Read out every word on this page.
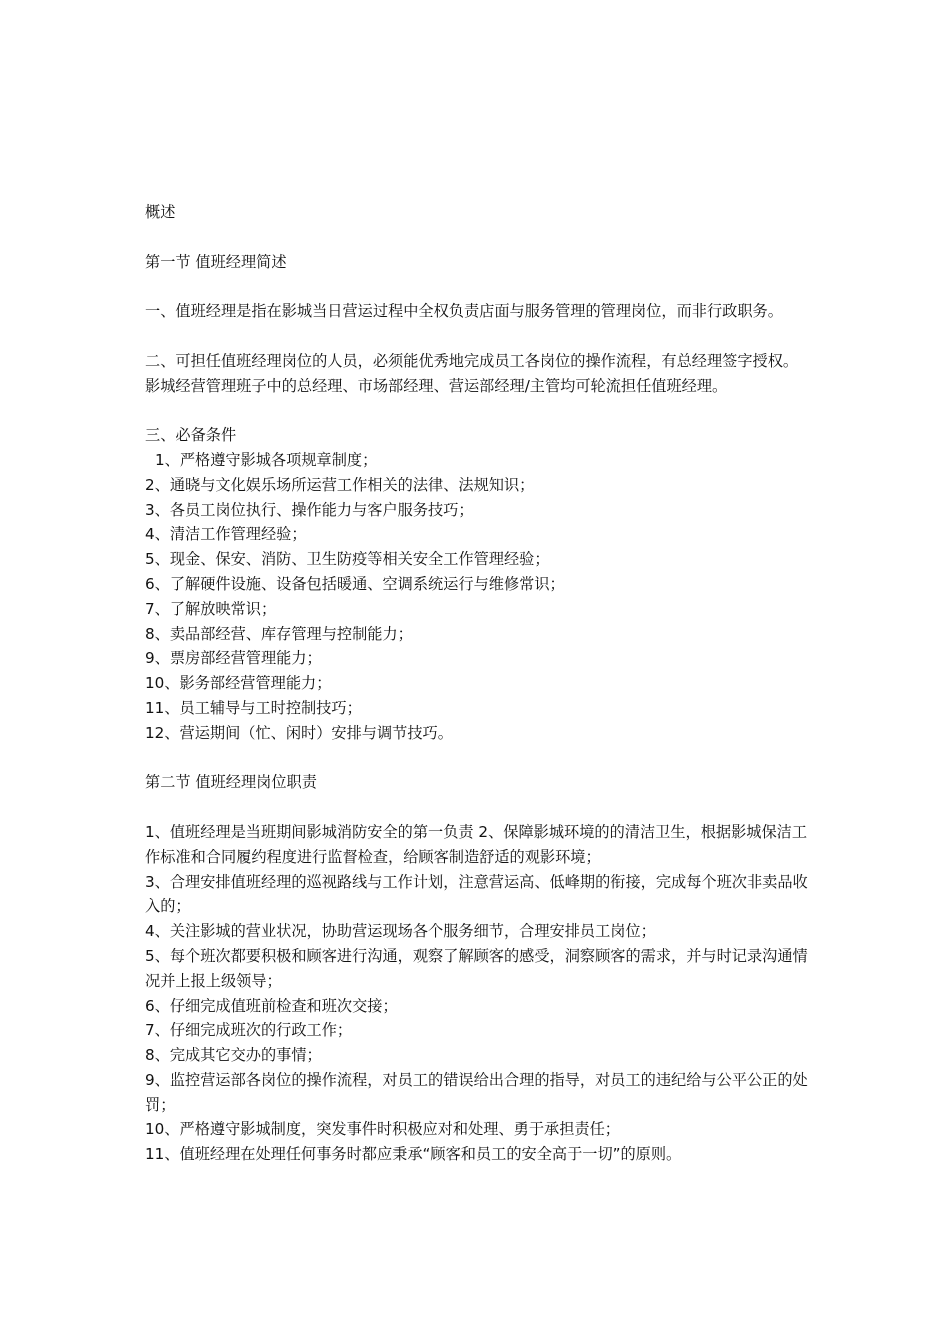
概述

第一节 值班经理简述

一、值班经理是指在影城当日营运过程中全权负责店面与服务管理的管理岗位，而非行政职务。

二、可担任值班经理岗位的人员，必须能优秀地完成员工各岗位的操作流程，有总经理签字授权。影城经营管理班子中的总经理、市场部经理、营运部经理/主管均可轮流担任值班经理。

三、必备条件

1、严格遵守影城各项规章制度；

2、通晓与文化娱乐场所运营工作相关的法律、法规知识；

3、各员工岗位执行、操作能力与客户服务技巧；

4、清洁工作管理经验；

5、现金、保安、消防、卫生防疫等相关安全工作管理经验；

6、了解硬件设施、设备包括暖通、空调系统运行与维修常识；

7、了解放映常识；

8、卖品部经营、库存管理与控制能力；

9、票房部经营管理能力；

10、影务部经营管理能力；

11、员工辅导与工时控制技巧；

12、营运期间（忙、闲时）安排与调节技巧。

第二节 值班经理岗位职责

1、值班经理是当班期间影城消防安全的第一负责 2、保障影城环境的的清洁卫生，根据影城保洁工作标准和合同履约程度进行监督检查，给顾客制造舒适的观影环境；

3、合理安排值班经理的巡视路线与工作计划，注意营运高、低峰期的衔接，完成每个班次非卖品收入的；

4、关注影城的营业状况，协助营运现场各个服务细节，合理安排员工岗位；

5、每个班次都要积极和顾客进行沟通，观察了解顾客的感受，洞察顾客的需求，并与时记录沟通情况并上报上级领导；

6、仔细完成值班前检查和班次交接；

7、仔细完成班次的行政工作；

8、完成其它交办的事情；

9、监控营运部各岗位的操作流程，对员工的错误给出合理的指导，对员工的违纪给与公平公正的处罚；

10、严格遵守影城制度，突发事件时积极应对和处理、勇于承担责任；

11、值班经理在处理任何事务时都应秉承“顾客和员工的安全高于一切”的原则。
